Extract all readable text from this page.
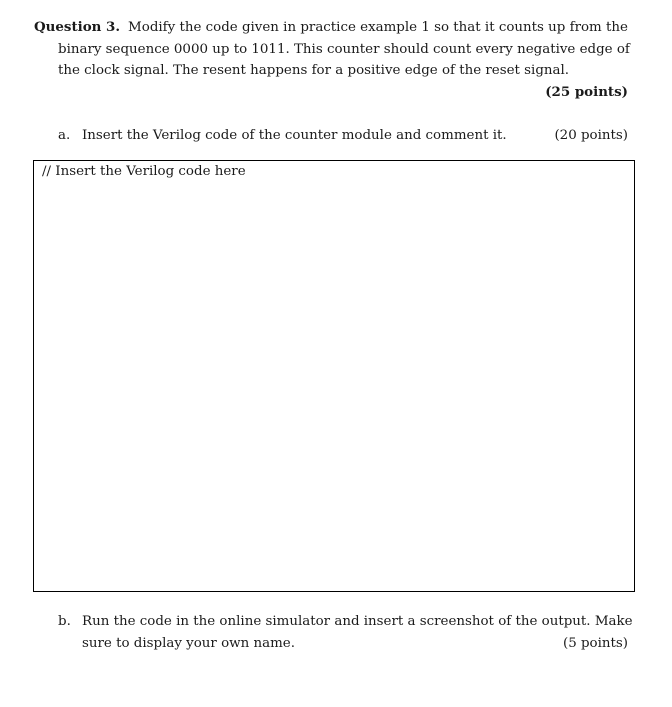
Question 3. Modify the code given in practice example 1 so that it counts up from the
binary sequence 0000 up to 1011. This counter should count every negative edge of
the clock signal. The resent happens for a positive edge of the reset signal.
(25 points)
a. Insert the Verilog code of the counter module and comment it.	(20 points)
// Insert the Verilog code here
b. Run the code in the online simulator and insert a screenshot of the output. Make
sure to display your own name.	(5 points)
